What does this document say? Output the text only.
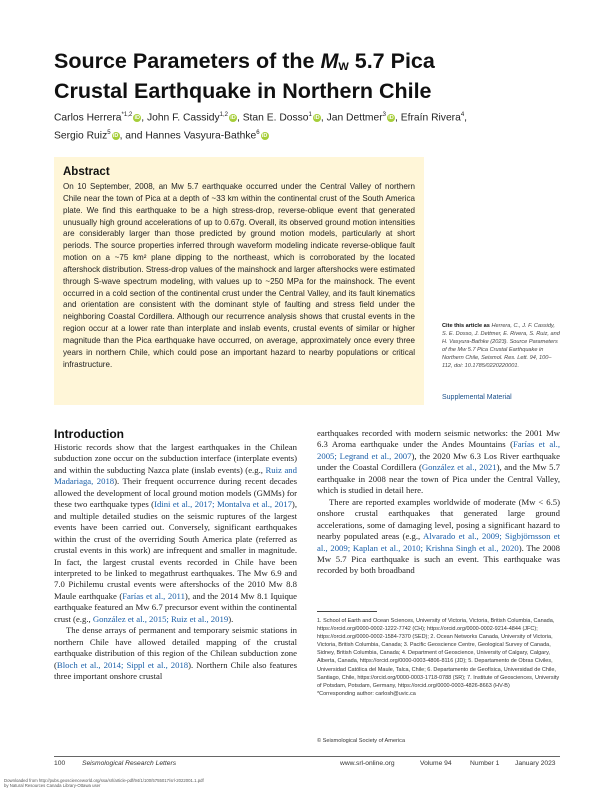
Source Parameters of the $M_W$ 5.7 Pica
Crustal Earthquake in Northern Chile
Carlos Herrera$^{*1,2}$iD, John F. Cassidy$^{1,2}$iD, Stan E. Dosso$^1$iD, Jan Dettmer$^3$iD, Efraín Rivera$^4$,
Sergio Ruiz$^5$iD, and Hannes Vasyura-Bathke$^6$iD
Abstract
On 10 September, 2008, an Mw 5.7 earthquake occurred under the Central Valley of northern Chile near the town of Pica at a depth of ~33 km within the continental crust of the South America plate. We find this earthquake to be a high stress-drop, reverse-oblique event that generated unusually high ground accelerations of up to 0.67g. Overall, its observed ground motion intensities are considerably larger than those predicted by ground motion models, particularly at short periods. The source properties inferred through waveform modeling indicate reverse-oblique fault motion on a ~75 km² plane dipping to the northeast, which is corroborated by the located aftershock distribution. Stress-drop values of the mainshock and larger aftershocks were estimated through S-wave spectrum modeling, with values up to ~250 MPa for the mainshock. The event occurred in a cold section of the continental crust under the Central Valley, and its fault kinematics and orientation are consistent with the dominant style of faulting and stress field under the neighboring Coastal Cordillera. Although our recurrence analysis shows that crustal events in the region occur at a lower rate than interplate and inslab events, crustal events of similar or higher magnitude than the Pica earthquake have occurred, on average, approximately once every three years in northern Chile, which could pose an important hazard to nearby populations or critical infrastructure.
Cite this article as Herrera, C., J. F. Cassidy, S. E. Dosso, J. Dettmer, E. Rivera, S. Ruiz, and H. Vasyura-Bathke (2023). Source Parameters of the Mw 5.7 Pica Crustal Earthquake in Northern Chile, Seismol. Res. Lett. 94, 100–112, doi: 10.1785/0220220001.
Supplemental Material
Introduction

Historic records show that the largest earthquakes in the Chilean subduction zone occur on the subduction interface (interplate events) and within the subducting Nazca plate (inslab events) (e.g., Ruiz and Madariaga, 2018). Their frequent occurrence during recent decades allowed the development of local ground motion models (GMMs) for these two earthquake types (Idini et al., 2017; Montalva et al., 2017), and multiple detailed studies on the seismic ruptures of the largest events have been carried out. Conversely, significant earthquakes within the crust of the overriding South America plate (referred as crustal events in this work) are infrequent and smaller in magnitude. In fact, the largest crustal events recorded in Chile have been interpreted to be linked to megathrust earthquakes. The Mw 6.9 and 7.0 Pichilemu crustal events were aftershocks of the 2010 Mw 8.8 Maule earthquake (Farías et al., 2011), and the 2014 Mw 8.1 Iquique earthquake featured an Mw 6.7 precursor event within the continental crust (e.g., González et al., 2015; Ruiz et al., 2019).

The dense arrays of permanent and temporary seismic stations in northern Chile have allowed detailed mapping of the crustal earthquake distribution of this region of the Chilean subduction zone (Bloch et al., 2014; Sippl et al., 2018). Northern Chile also features three important onshore crustal

earthquakes recorded with modern seismic networks: the 2001 Mw 6.3 Aroma earthquake under the Andes Mountains (Farías et al., 2005; Legrand et al., 2007), the 2020 Mw 6.3 Los River earthquake under the Coastal Cordillera (González et al., 2021), and the Mw 5.7 earthquake in 2008 near the town of Pica under the Central Valley, which is studied in detail here.

There are reported examples worldwide of moderate (Mw < 6.5) onshore crustal earthquakes that generated large ground accelerations, some of damaging level, posing a significant hazard to nearby populated areas (e.g., Alvarado et al., 2009; Sigbjörnsson et al., 2009; Kaplan et al., 2010; Krishna Singh et al., 2020). The 2008 Mw 5.7 Pica earthquake is such an event. This earthquake was recorded by both broadband

1. School of Earth and Ocean Sciences, University of Victoria, Victoria, British Columbia, Canada, https://orcid.org/0000-0002-1222-7742 (CH); https://orcid.org/0000-0002-9214-4844 (JFC); https://orcid.org/0000-0002-1584-7370 (SED); 2. Ocean Networks Canada, University of Victoria, Victoria, British Columbia, Canada; 3. Pacific Geoscience Centre, Geological Survey of Canada, Sidney, British Columbia, Canada; 4. Department of Geoscience, University of Calgary, Calgary, Alberta, Canada, https://orcid.org/0000-0003-4806-8116 (JD); 5. Departamento de Obras Civiles, Universidad Católica del Maule, Talca, Chile; 6. Departamento de Geofísica, Universidad de Chile, Santiago, Chile, https://orcid.org/0000-0003-1718-0788 (SR); 7. Institute of Geosciences, University of Potsdam, Potsdam, Germany, https://orcid.org/0000-0003-4826-8663 (HV-B)
*Corresponding author: carlosh@uvic.ca
© Seismological Society of America
100	Seismological Research Letters	www.srl-online.org	Volume 94	Number 1 January 2023
Downloaded from http://pubs.geoscienceworld.org/ssa/srl/article-pdf/94/1/100/5755017/srl-2022001.1.pdf
by Natural Resources Canada Library-Ottawa user
